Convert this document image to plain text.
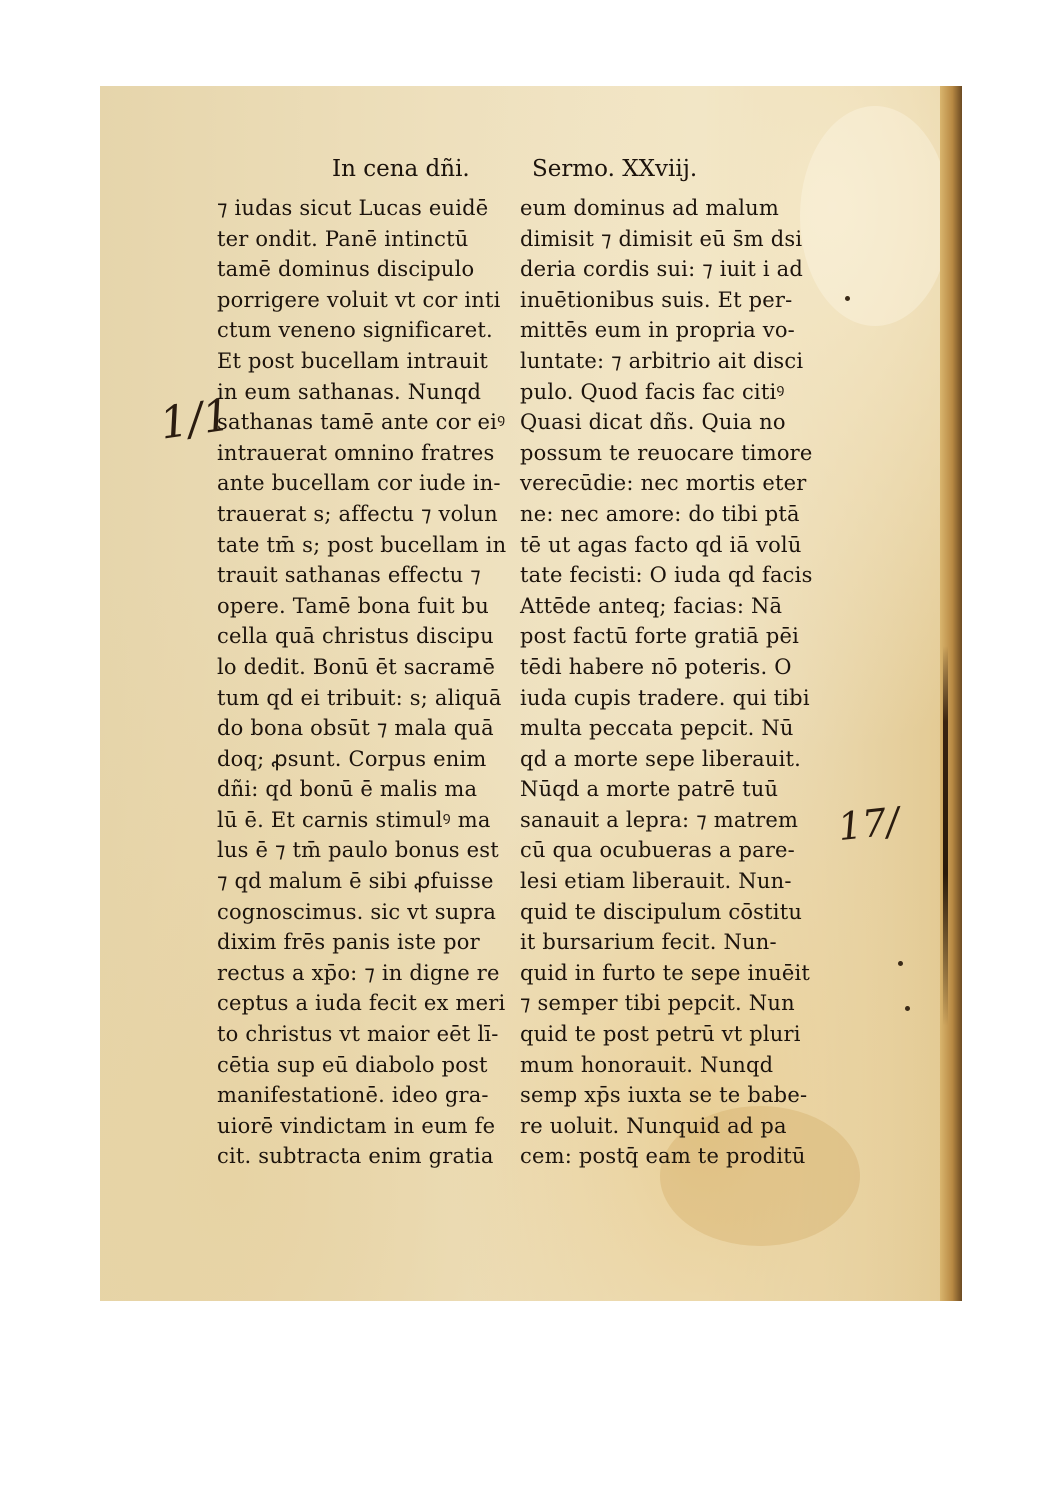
In cena dñi.	Sermo. XXviij.
⁊ iudas sicut Lucas euidē
ter ondit. Panē intinctū
tamē dominus discipulo
porrigere voluit vt cor inti
ctum veneno significaret.
Et post bucellam intrauit
in eum sathanas. Nunqd
sathanas tamē ante cor eiꝰ
intrauerat omnino fratres
ante bucellam cor iude in-
trauerat s; affectu ⁊ volun
tate tm̄ s; post bucellam in
trauit sathanas effectu ⁊
opere. Tamē bona fuit bu
cella quā christus discipu
lo dedit. Bonū ēt sacramē
tum qd ei tribuit: s; aliquā
do bona obsūt ⁊ mala quā
doq; ꝓsunt. Corpus enim
dñi: qd bonū ē malis ma
lū ē. Et carnis stimulꝰ ma
lus ē ⁊ tm̄ paulo bonus est
⁊ qd malum ē sibi ꝓfuisse
cognoscimus. sic vt supra
dixim frēs panis iste por
rectus a xp̄o: ⁊ in digne re
ceptus a iuda fecit ex meri
to christus vt maior eēt lī-
cētia sup eū diabolo post
manifestationē. ideo gra-
uiorē vindictam in eum fe
cit. subtracta enim gratia
eum dominus ad malum
dimisit ⁊ dimisit eū s̄m dsi
deria cordis sui: ⁊ iuit i ad
inuētionibus suis. Et per-
mittēs eum in propria vo-
luntate: ⁊ arbitrio ait disci
pulo. Quod facis fac citiꝰ
Quasi dicat dñs. Quia no
possum te reuocare timore
verecūdie: nec mortis eter
ne: nec amore: do tibi ptā
tē ut agas facto qd iā volū
tate fecisti: O iuda qd facis
Attēde anteq; facias: Nā
post factū forte gratiā pēi
tēdi habere nō poteris. O
iuda cupis tradere. qui tibi
multa peccata pepcit. Nū
qd a morte sepe liberauit.
Nūqd a morte patrē tuū
sanauit a lepra: ⁊ matrem
cū qua ocubueras a pare-
lesi etiam liberauit. Nun-
quid te discipulum cōstitu
it bursarium fecit. Nun-
quid in furto te sepe inuēit
⁊ semper tibi pepcit. Nun
quid te post petrū vt pluri
mum honorauit. Nunqd
semp xp̄s iuxta se te babe-
re uoluit. Nunquid ad pa
cem: postq̄ eam te proditū
1/1
17/
